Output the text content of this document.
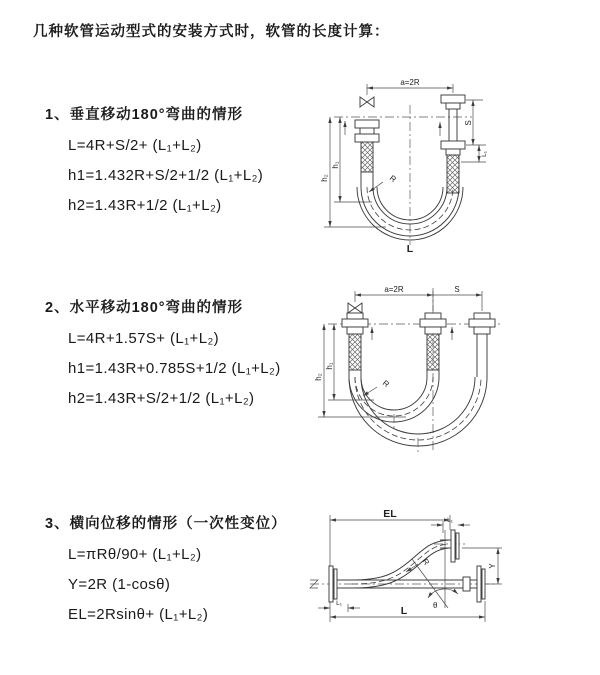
几种软管运动型式的安装方式时，软管的长度计算：
1、垂直移动180°弯曲的情形

L=4R+S/2+ (L₁+L₂)

h1=1.432R+S/2+1/2 (L₁+L₂)

h2=1.43R+1/2 (L₁+L₂)

a=2R
h₂
h₁
S
L₁
R
L
2、水平移动180°弯曲的情形

L=4R+1.57S+ (L₁+L₂)

h1=1.43R+0.785S+1/2 (L₁+L₂)

h2=1.43R+S/2+1/2 (L₁+L₂)

a=2R	S
h₂
h₁
R
3、横向位移的情形（一次性变位）

L=πRθ/90+ (L₁+L₂)

Y=2R (1-cosθ)

EL=2Rsinθ+ (L₁+L₂)

EL
L₁
θ
R	Y
L₁
L
